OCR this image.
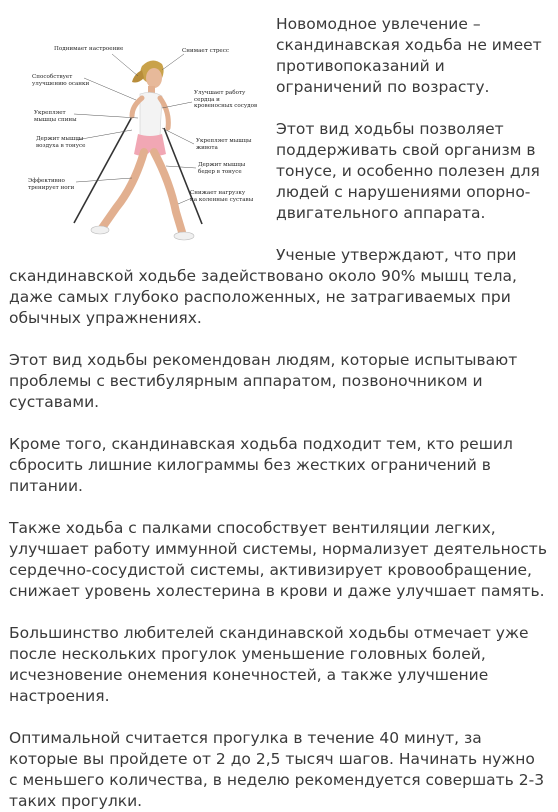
Поднимает настроение	Снимает стресс
Способствует
улучшению осанки
Улучшает работу
сердца и
кровеносных сосудов
Укрепляет
мышцы спины
Держит мышцы
воздуха в тонусе
Укрепляет мышцы
живота
Держит мышцы
бедер в тонусе
Эффективно
тренирует ноги
Снижает нагрузку
на коленные суставы

Новомодное увлечение – скандинавская ходьба не имеет противопоказаний и ограничений по возрасту.

Этот вид ходьбы позволяет поддерживать свой организм в тонусе, и особенно полезен для людей с нарушениями опорно-двигательного аппарата.

Ученые утверждают, что при скандинавской ходьбе задействовано около 90% мышц тела, даже самых глубоко расположенных, не затрагиваемых при обычных упражнениях.

Этот вид ходьбы рекомендован людям, которые испытывают проблемы с вестибулярным аппаратом, позвоночником и суставами.

Кроме того, скандинавская ходьба подходит тем, кто решил сбросить лишние килограммы без жестких ограничений в питании.

Также ходьба с палками способствует вентиляции легких, улучшает работу иммунной системы, нормализует деятельность сердечно-сосудистой системы, активизирует кровообращение, снижает уровень холестерина в крови и даже улучшает память.

Большинство любителей скандинавской ходьбы отмечает уже после нескольких прогулок уменьшение головных болей, исчезновение онемения конечностей, а также улучшение настроения.

Оптимальной считается прогулка в течение 40 минут, за которые вы пройдете от 2 до 2,5 тысяч шагов. Начинать нужно с меньшего количества, в неделю рекомендуется совершать 2-3 таких прогулки.
